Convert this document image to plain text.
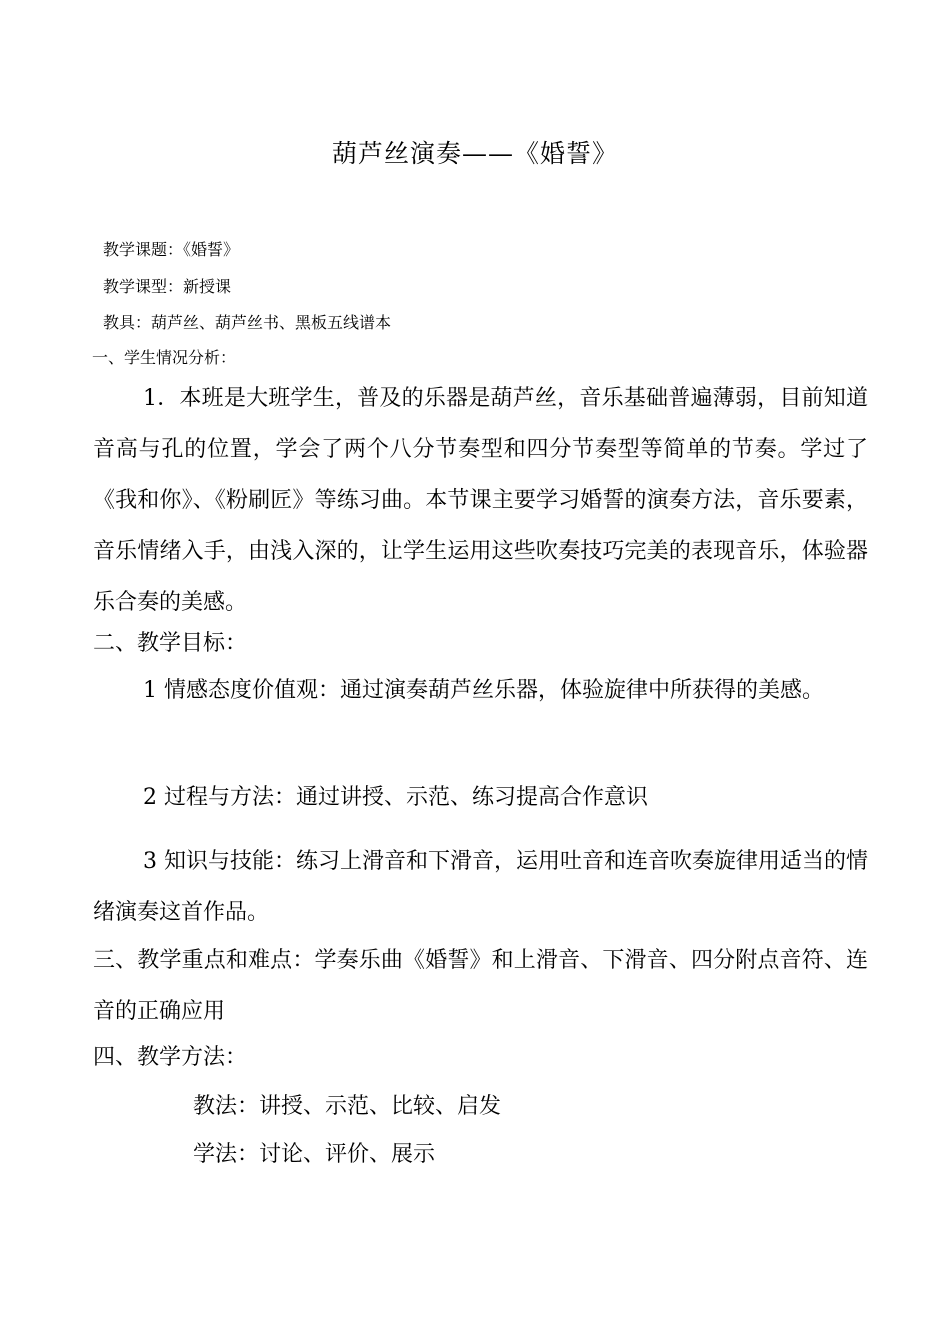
葫芦丝演奏——《婚誓》
教学课题：《婚誓》
教学课型：新授课
教具：葫芦丝、葫芦丝书、黑板五线谱本
一、学生情况分析：
1．本班是大班学生，普及的乐器是葫芦丝，音乐基础普遍薄弱，目前知道音高与孔的位置，学会了两个八分节奏型和四分节奏型等简单的节奏。学过了《我和你》、《粉刷匠》等练习曲。本节课主要学习婚誓的演奏方法，音乐要素，音乐情绪入手，由浅入深的，让学生运用这些吹奏技巧完美的表现音乐，体验器乐合奏的美感。
二、教学目标：
1 情感态度价值观：通过演奏葫芦丝乐器，体验旋律中所获得的美感。
2 过程与方法：通过讲授、示范、练习提高合作意识
3 知识与技能：练习上滑音和下滑音，运用吐音和连音吹奏旋律用适当的情绪演奏这首作品。
三、教学重点和难点：学奏乐曲《婚誓》和上滑音、下滑音、四分附点音符、连音的正确应用
四、教学方法：
教法：讲授、示范、比较、启发
学法：讨论、评价、展示
